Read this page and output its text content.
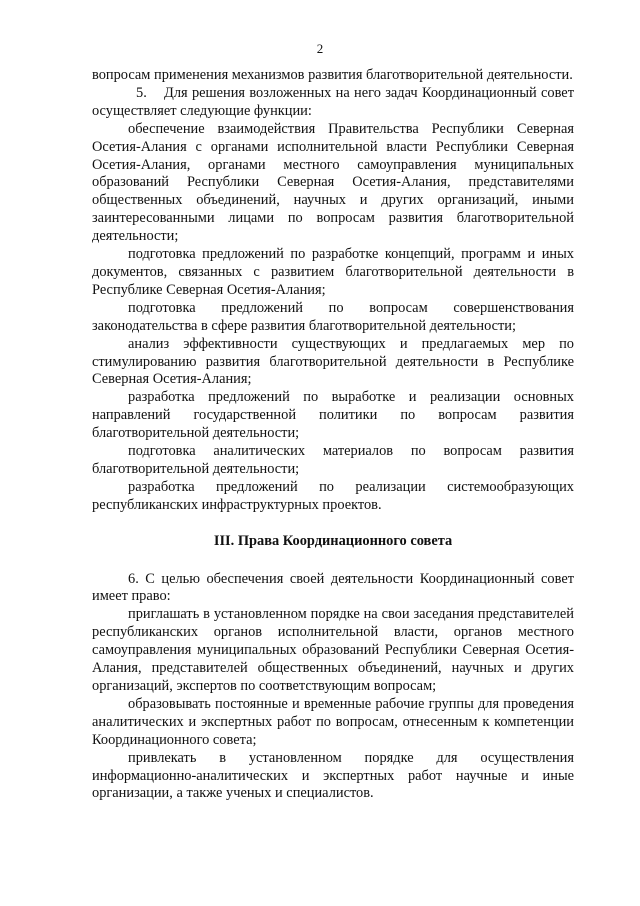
2

вопросам применения механизмов развития благотворительной деятельности.

5.    Для решения возложенных на него задач Координационный совет осуществляет следующие функции:

обеспечение взаимодействия Правительства Республики Северная Осетия-Алания с органами исполнительной власти Республики Северная Осетия-Алания, органами местного самоуправления муниципальных образований Республики Северная Осетия-Алания, представителями общественных объединений, научных и других организаций, иными заинтересованными лицами по вопросам развития благотворительной деятельности;

подготовка предложений по разработке концепций, программ и иных документов, связанных с развитием благотворительной деятельности в Республике Северная Осетия-Алания;

подготовка предложений по вопросам совершенствования законодательства в сфере развития благотворительной деятельности;

анализ эффективности существующих и предлагаемых мер по стимулированию развития благотворительной деятельности в Республике Северная Осетия-Алания;

разработка предложений по выработке и реализации основных направлений государственной политики по вопросам развития благотворительной деятельности;

подготовка аналитических материалов по вопросам развития благотворительной деятельности;

разработка предложений по реализации системообразующих республиканских инфраструктурных проектов.

III. Права Координационного совета

6. С целью обеспечения своей деятельности Координационный совет имеет право:

приглашать в установленном порядке на свои заседания представителей республиканских органов исполнительной власти, органов местного самоуправления муниципальных образований Республики Северная Осетия-Алания, представителей общественных объединений, научных и других организаций, экспертов по соответствующим вопросам;

образовывать постоянные и временные рабочие группы для проведения аналитических и экспертных работ по вопросам, отнесенным к компетенции Координационного совета;

привлекать в установленном порядке для осуществления информационно-аналитических и экспертных работ научные и иные организации, а также ученых и специалистов.
